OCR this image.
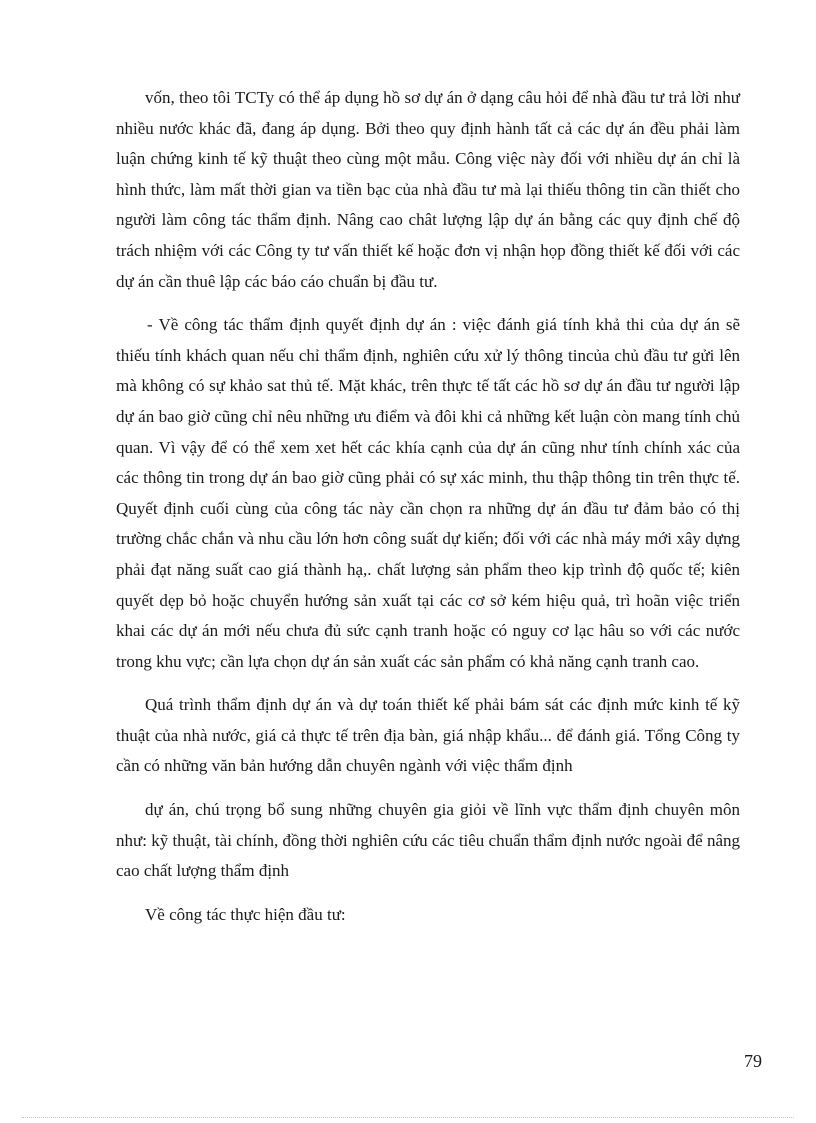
vốn, theo tôi TCTy có thể áp dụng hồ sơ dự án ở dạng câu hỏi để nhà đầu tư trả lời như nhiều nước khác đã, đang áp dụng. Bởi theo quy định hành tất cả các dự án đều phải làm luận chứng kinh tế kỹ thuật theo cùng một mẫu. Công việc này đối với nhiều dự án chỉ là hình thức, làm mất thời gian va tiền bạc của nhà đầu tư mà lại thiếu thông tin cần thiết cho người làm công tác thẩm định. Nâng cao chât lượng lập dự án bằng các quy định chế độ trách nhiệm với các Công ty tư vấn thiết kế hoặc đơn vị nhận họp đồng thiết kế đối với các dự án cần thuê lập các báo cáo chuẩn bị đầu tư.

- Về công tác thẩm định quyết định dự án : việc đánh giá tính khả thi của dự án sẽ thiếu tính khách quan nếu chỉ thẩm định, nghiên cứu xử lý thông tincủa chủ đầu tư gửi lên mà không có sự khảo sat thủ tế. Mặt khác, trên thực tế tất các hồ sơ dự án đầu tư người lập dự án bao giờ cũng chỉ nêu những ưu điểm và đôi khi cả những kết luận còn mang tính chủ quan. Vì vậy để có thể xem xet hết các khía cạnh của dự án cũng như tính chính xác của các thông tin trong dự án bao giờ cũng phải có sự xác minh, thu thập thông tin trên thực tế. Quyết định cuối cùng của công tác này cần chọn ra những dự án đầu tư đảm bảo có thị trường chắc chắn và nhu cầu lớn hơn công suất dự kiến; đối với các nhà máy mới xây dựng phải đạt năng suất cao giá thành hạ,. chất lượng sản phẩm theo kịp trình độ quốc tế; kiên quyết dẹp bỏ hoặc chuyển hướng sản xuất tại các cơ sở kém hiệu quả, trì hoãn việc triển khai các dự án mới nếu chưa đủ sức cạnh tranh hoặc có nguy cơ lạc hâu so với các nước trong khu vực; cần lựa chọn dự án sản xuất các sản phẩm có khả năng cạnh tranh cao.

Quá trình thẩm định dự án và dự toán thiết kế phải bám sát các định mức kinh tế kỹ thuật của nhà nước, giá cả thực tế trên địa bàn, giá nhập khẩu... để đánh giá. Tổng Công ty cần có những văn bản hướng dẫn chuyên ngành với việc thẩm định

dự án, chú trọng bổ sung những chuyên gia giỏi về lĩnh vực thẩm định chuyên môn như: kỹ thuật, tài chính, đồng thời nghiên cứu các tiêu chuẩn thẩm định nước ngoài để nâng cao chất lượng thẩm định

Về công tác thực hiện đầu tư:

79
